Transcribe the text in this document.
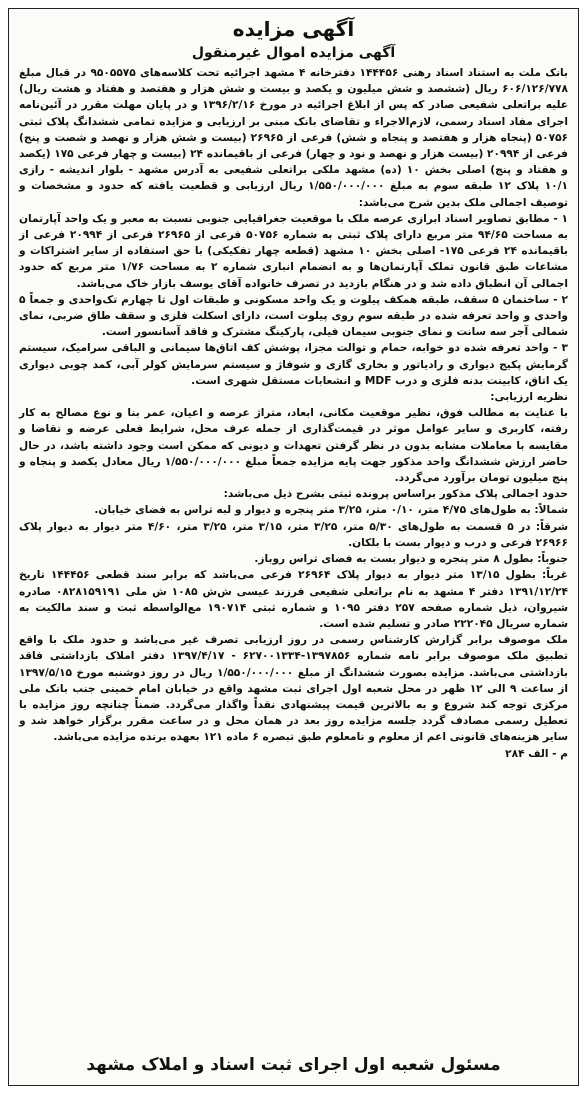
آگهی مزایده
آگهی مزایده اموال غیرمنقول

بانک ملت به استناد اسناد رهنی ۱۴۴۴۵۶ دفترخانه ۴ مشهد اجرائیه تحت کلاسه‌های ۹۵۰۵۵۷۵ در قبال مبلغ ۶۰۶/۱۲۶/۷۷۸ ریال (ششصد و شش میلیون و یکصد و بیست و شش هزار و هفتصد و هفتاد و هشت ریال) علیه براتعلی شفیعی صادر که پس از ابلاغ اجرائیه در مورخ ۱۳۹۶/۲/۱۶ و در پایان مهلت مقرر در آئین‌نامه اجرای مفاد اسناد رسمی، لازم‌الاجراء و تقاضای بانک مبنی بر ارزیابی و مزایده تمامی ششدانگ پلاک ثبتی ۵۰۷۵۶ (پنجاه هزار و هفتصد و پنجاه و شش) فرعی از ۲۶۹۶۵ (بیست و شش هزار و نهصد و شصت و پنج) فرعی از ۲۰۹۹۴ (بیست هزار و نهصد و نود و چهار) فرعی از باقیمانده ۲۴ (بیست و چهار فرعی ۱۷۵ (یکصد و هفتاد و پنج) اصلی بخش ۱۰ (ده) مشهد ملکی براتعلی شفیعی به آدرس مشهد - بلوار اندیشه - رازی ۱۰/۱ پلاک ۱۲ طبقه سوم به مبلغ ۱/۵۵۰/۰۰۰/۰۰۰ ریال ارزیابی و قطعیت یافته که حدود و مشخصات و توصیف اجمالی ملک بدین شرح می‌باشد:

۱ - مطابق تصاویر اسناد ابرازی عرصه ملک با موقعیت جغرافیایی جنوبی نسبت به معبر و یک واحد آپارتمان به مساحت ۹۴/۶۵ متر مربع دارای پلاک ثبتی به شماره ۵۰۷۵۶ فرعی از ۲۶۹۶۵ فرعی از ۲۰۹۹۴ فرعی از باقیمانده ۲۴ فرعی ۱۷۵- اصلی بخش ۱۰ مشهد (قطعه چهار تفکیکی) با حق استفاده از سایر اشتراکات و مشاعات طبق قانون تملک آپارتمان‌ها و به انضمام انباری شماره ۲ به مساحت ۱/۷۶ متر مربع که حدود اجمالی آن انطباق داده شد و در هنگام بازدید در تصرف خانواده آقای یوسف بازار خاک می‌باشد.

۲ - ساختمان ۵ سقف، طبقه همکف پیلوت و یک واحد مسکونی و طبقات اول تا چهارم تک‌واحدی و جمعاً ۵ واحدی و واحد تعرفه شده در طبقه سوم روی پیلوت است، دارای اسکلت فلزی و سقف طاق ضربی، نمای شمالی آجر سه سانت و نمای جنوبی سیمان فیلی، پارکینگ مشترک و فاقد آسانسور است.

۳ - واحد تعرفه شده دو خوابه، حمام و توالت مجزا، پوشش کف اتاق‌ها سیمانی و الباقی سرامیک، سیستم گرمایش پکیج دیواری و رادیاتور و بخاری گازی و شوفاژ و سیستم سرمایش کولر آبی، کمد چوبی دیواری یک اتاق، کابینت بدنه فلزی و درب MDF و انشعابات مستقل شهری است.

نظریه ارزیابی:

با عنایت به مطالب فوق، نظیر موقعیت مکانی، ابعاد، متراژ عرصه و اعیان، عمر بنا و نوع مصالح به کار رفته، کاربری و سایر عوامل موثر در قیمت‌گذاری از جمله عرف محل، شرایط فعلی عرضه و تقاضا و مقایسه با معاملات مشابه بدون در نظر گرفتن تعهدات و دیونی که ممکن است وجود داشته باشد، در حال حاضر ارزش ششدانگ واحد مذکور جهت پایه مزایده جمعاً مبلغ ۱/۵۵۰/۰۰۰/۰۰۰ ریال معادل یکصد و پنجاه و پنج میلیون تومان برآورد می‌گردد.

حدود اجمالی پلاک مذکور براساس پرونده ثبتی بشرح ذیل می‌باشد:

شمالاً: به طول‌های ۴/۷۵ متر، ۰/۱۰ متر، ۳/۲۵ متر پنجره و دیوار و لبه تراس به فضای خیابان.

شرقاً: در ۵ قسمت به طول‌های ۵/۳۰ متر، ۳/۲۵ متر، ۳/۱۵ متر، ۳/۲۵ متر، ۴/۶۰ متر دیوار به دیوار پلاک ۲۶۹۶۶ فرعی و درب و دیوار بست با بلکان.

جنوباً: بطول ۸ متر پنجره و دیوار بست به فضای تراس روباز.

غرباً: بطول ۱۳/۱۵ متر دیوار به دیوار پلاک ۲۶۹۶۴ فرعی می‌باشد که برابر سند قطعی ۱۴۴۴۵۶ تاریخ ۱۳۹۱/۱۲/۲۴ دفتر ۴ مشهد به نام براتعلی شفیعی فرزند عیسی ش‌ش ۱۰۸۵ ش ملی ۰۸۲۸۱۵۹۱۹۱ صادره شیروان، ذیل شماره صفحه ۲۵۷ دفتر ۱۰۹۵ و شماره ثبتی ۱۹۰۷۱۴ مع‌الواسطه ثبت و سند مالکیت به شماره سریال ۲۲۲۰۴۵ صادر و تسلیم شده است.

ملک موصوف برابر گزارش کارشناس رسمی در روز ارزیابی تصرف غیر می‌باشد و حدود ملک با واقع تطبیق ملک موصوف برابر نامه شماره ۱۳۹۷۸۵۶-۶۲۷۰۰۱۳۳۴ - ۱۳۹۷/۴/۱۷ دفتر املاک بازداشتی فاقد بازداشتی می‌باشد. مزایده بصورت ششدانگ از مبلغ ۱/۵۵۰/۰۰۰/۰۰۰ ریال در روز دوشنبه مورخ ۱۳۹۷/۵/۱۵ از ساعت ۹ الی ۱۲ ظهر در محل شعبه اول اجرای ثبت مشهد واقع در خیابان امام خمینی جنب بانک ملی مرکزی توجه کند شروع و به بالاترین قیمت پیشنهادی نقداً واگذار می‌گردد. ضمناً چنانچه روز مزایده با تعطیل رسمی مصادف گردد جلسه مزایده روز بعد در همان محل و در ساعت مقرر برگزار خواهد شد و سایر هزینه‌های قانونی اعم از معلوم و نامعلوم طبق تبصره ۶ ماده ۱۲۱ بعهده برنده مزایده می‌باشد.

م - الف ۲۸۴

مسئول شعبه اول اجرای ثبت اسناد و املاک مشهد
